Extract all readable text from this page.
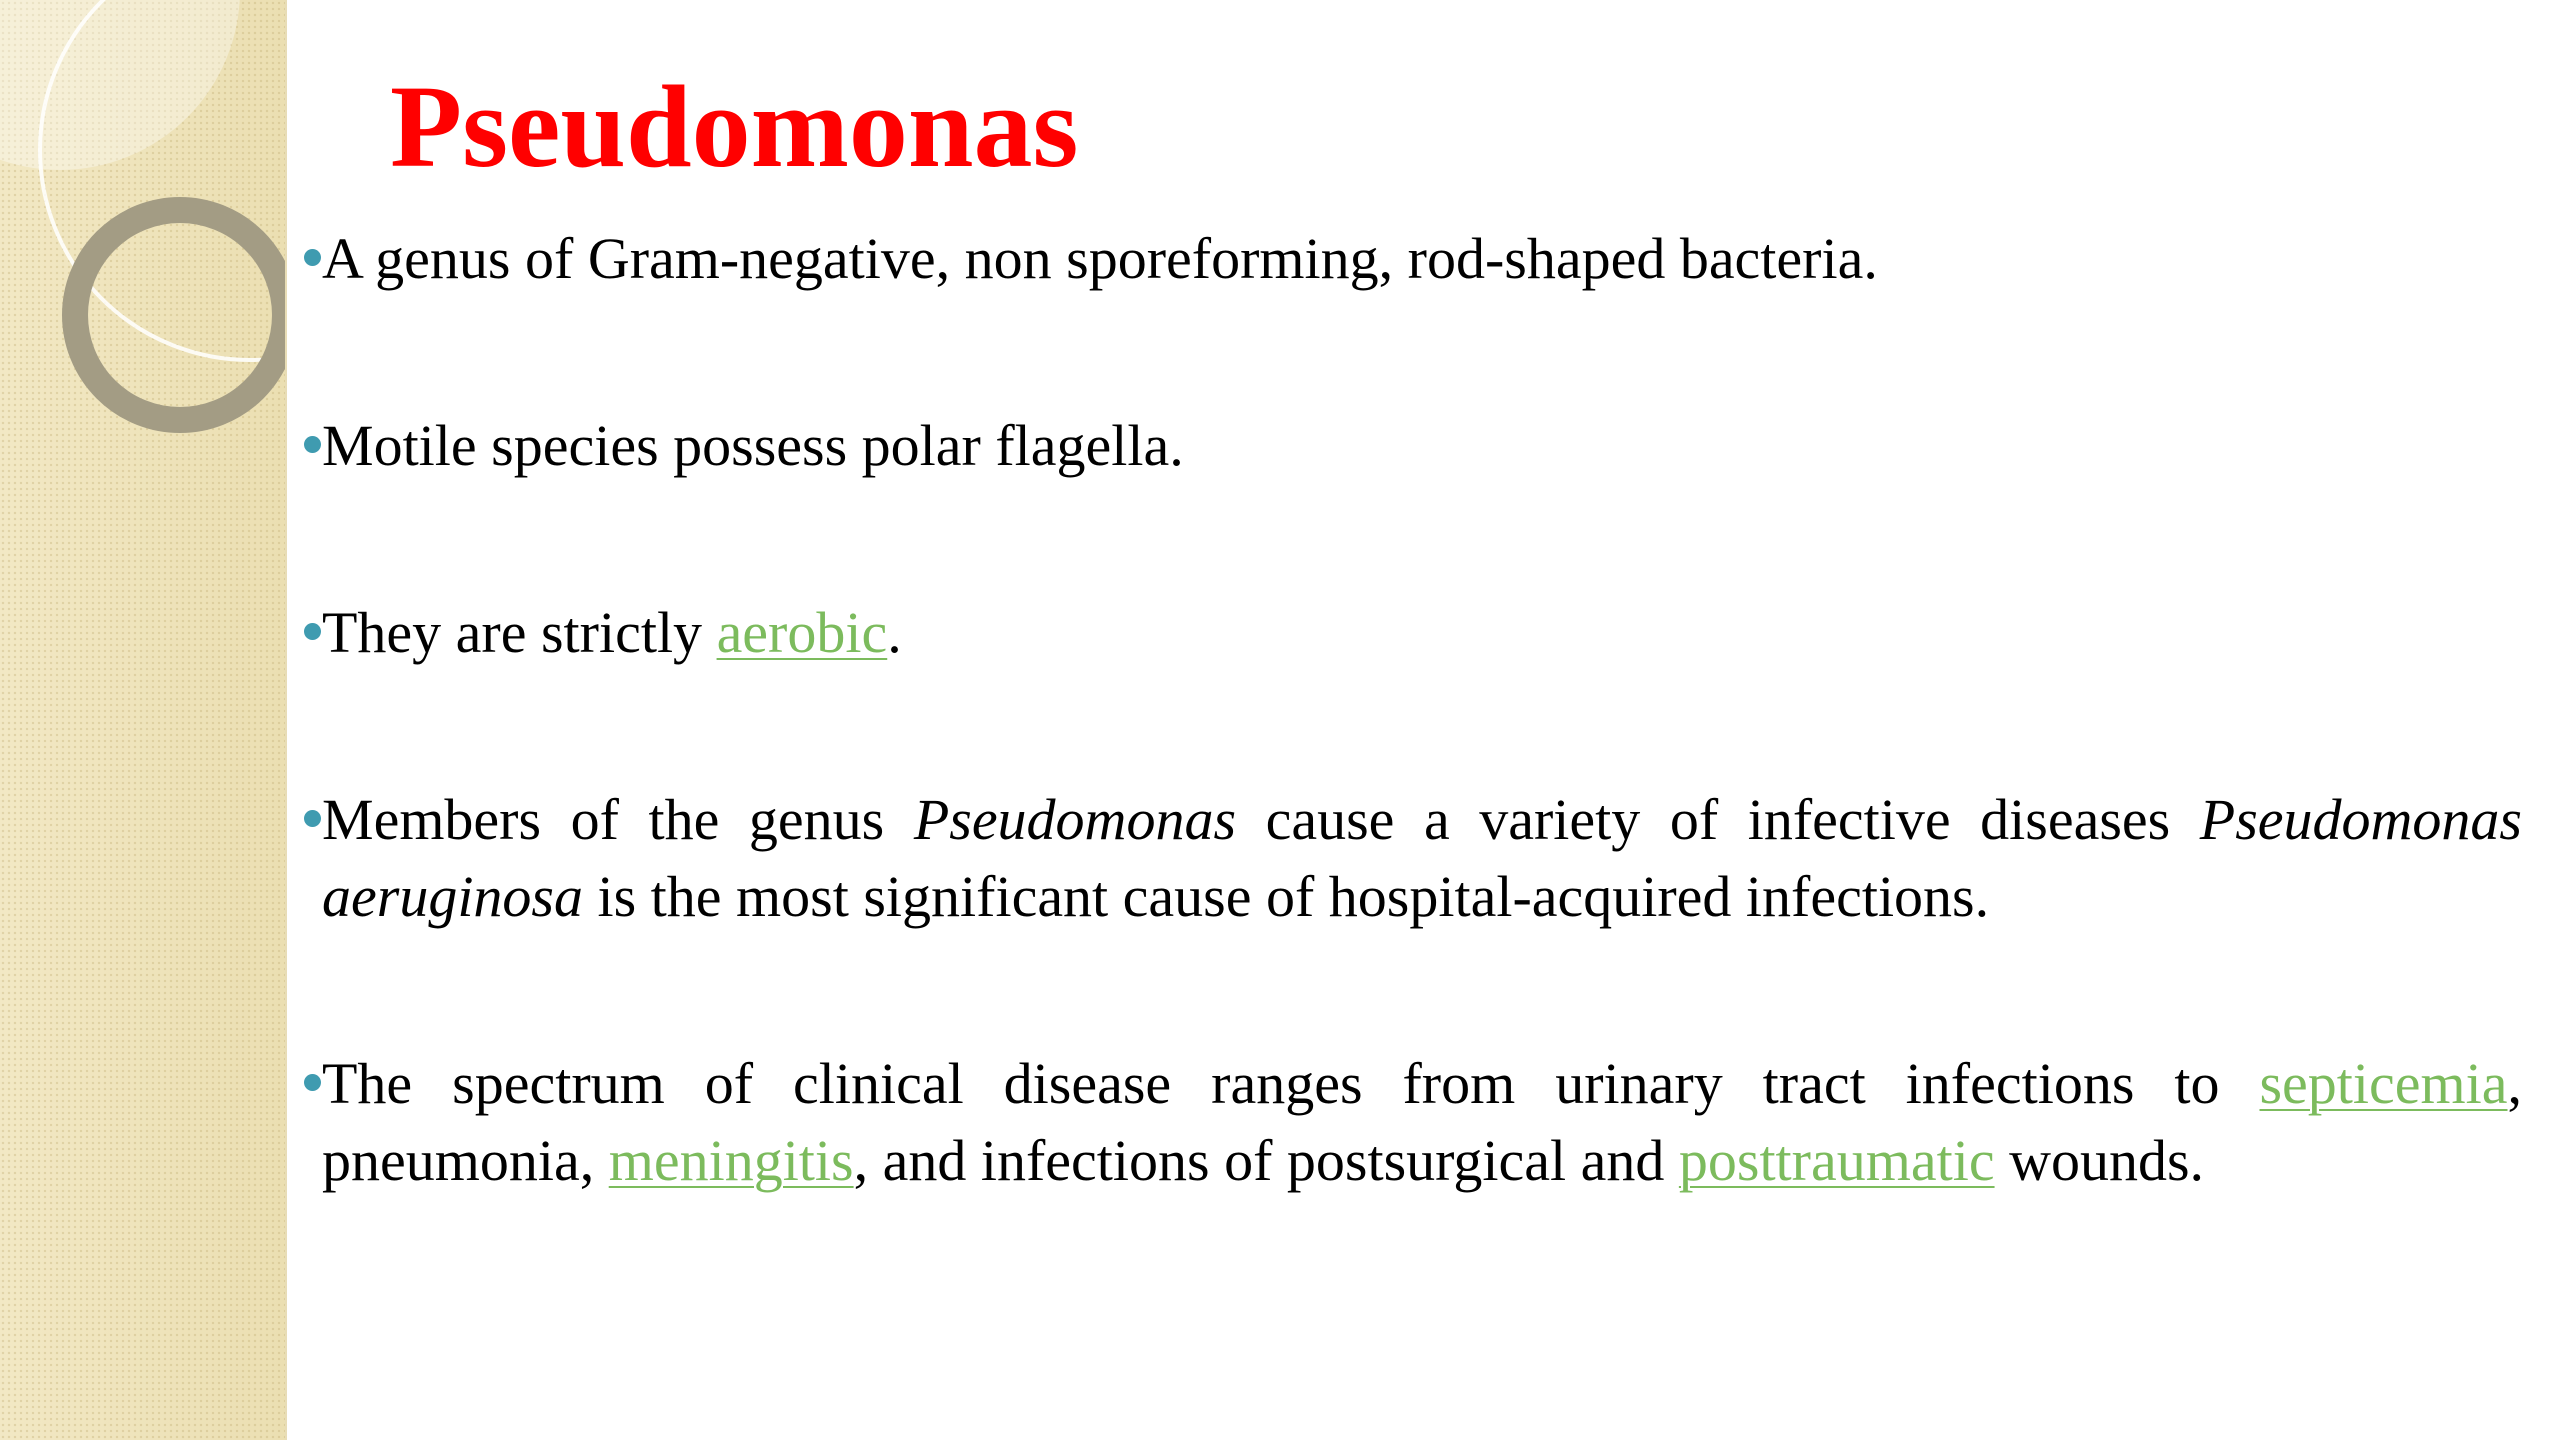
Pseudomonas

A genus of Gram-negative, non sporeforming, rod-shaped bacteria.

Motile species possess polar flagella.

They are strictly aerobic.

Members of the genus Pseudomonas cause a variety of infective diseases Pseudomonas aeruginosa is the most significant cause of hospital-acquired infections.

The spectrum of clinical disease ranges from urinary tract infections to septicemia, pneumonia, meningitis, and infections of postsurgical and posttraumatic wounds.
